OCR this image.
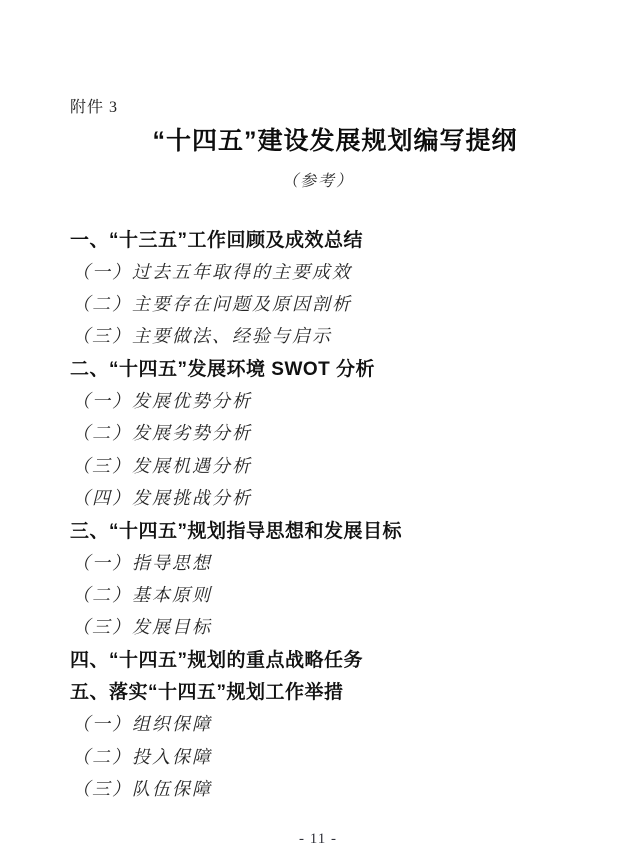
附件 3
“十四五”建设发展规划编写提纲
（参考）
一、“十三五”工作回顾及成效总结
（一）过去五年取得的主要成效
（二）主要存在问题及原因剖析
（三）主要做法、经验与启示
二、“十四五”发展环境 SWOT 分析
（一）发展优势分析
（二）发展劣势分析
（三）发展机遇分析
（四）发展挑战分析
三、“十四五”规划指导思想和发展目标
（一）指导思想
（二）基本原则
（三）发展目标
四、“十四五”规划的重点战略任务
五、落实“十四五”规划工作举措
（一）组织保障
（二）投入保障
（三）队伍保障
- 11 -
